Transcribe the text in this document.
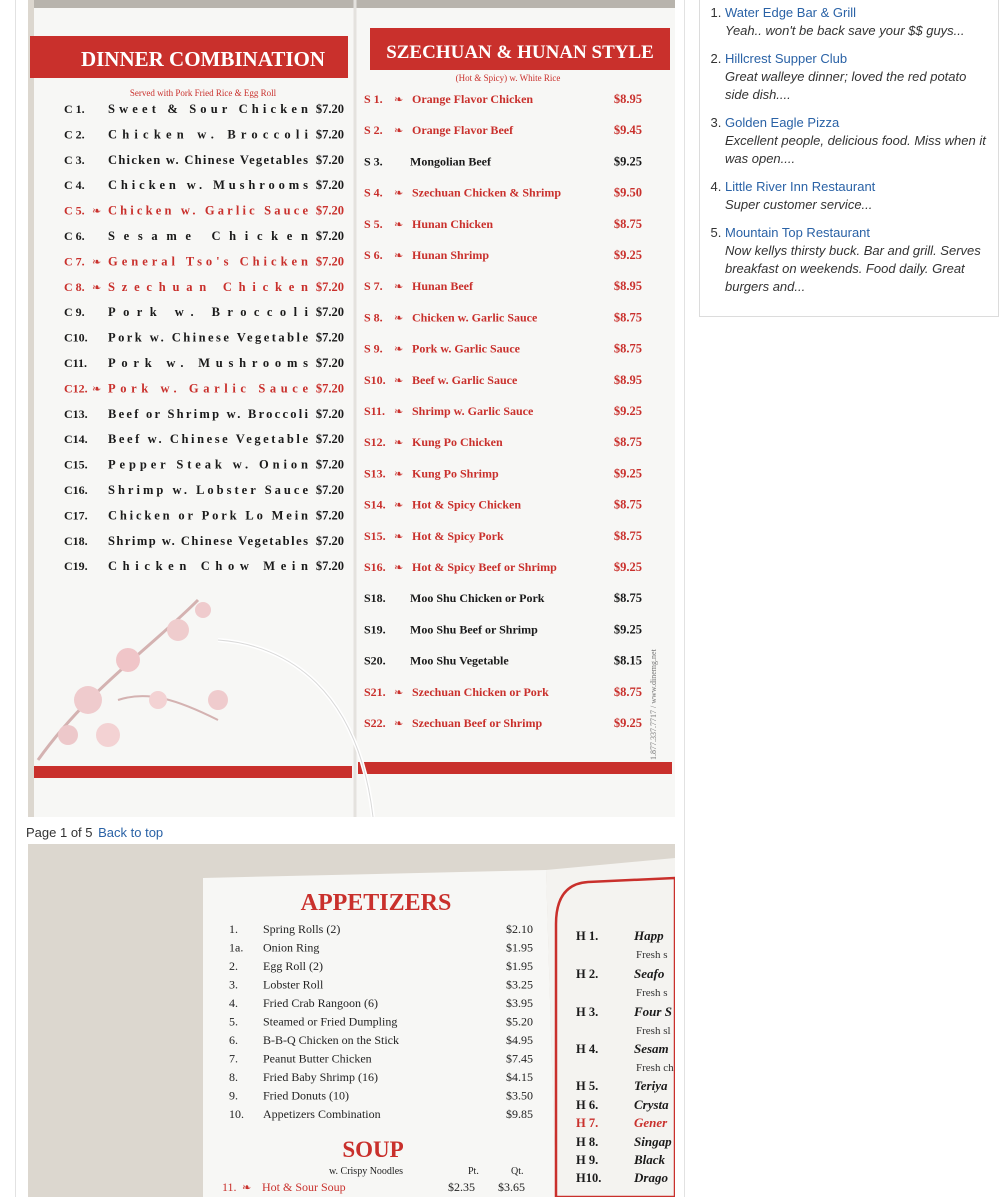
1.877.337.7717 / www.dinemg.net
DINNER COMBINATION
Served with Pork Fried Rice & Egg Roll
C 1. Sweet & Sour Chicken $7.20
C 2. Chicken w. Broccoli $7.20
C 3. Chicken w. Chinese Vegetables $7.20
C 4. Chicken w. Mushrooms $7.20
C 5. ❧ Chicken w. Garlic Sauce $7.20
C 6. Sesame Chicken $7.20
C 7. ❧ General Tso's Chicken $7.20
C 8. ❧ Szechuan Chicken $7.20
C 9. Pork w. Broccoli $7.20
C10. Pork w. Chinese Vegetable $7.20
C11. Pork w. Mushrooms $7.20
C12. ❧ Pork w. Garlic Sauce $7.20
C13. Beef or Shrimp w. Broccoli $7.20
C14. Beef w. Chinese Vegetable $7.20
C15. Pepper Steak w. Onion $7.20
C16. Shrimp w. Lobster Sauce $7.20
C17. Chicken or Pork Lo Mein $7.20
C18. Shrimp w. Chinese Vegetables $7.20
C19. Chicken Chow Mein $7.20
SZECHUAN & HUNAN STYLE
(Hot & Spicy) w. White Rice
S 1. ❧ Orange Flavor Chicken	$8.95
S 2. ❧ Orange Flavor Beef	$9.45
S 3. Mongolian Beef	$9.25
S 4. ❧ Szechuan Chicken & Shrimp	$9.50
S 5. ❧ Hunan Chicken	$8.75
S 6. ❧ Hunan Shrimp	$9.25
S 7. ❧ Hunan Beef	$8.95
S 8. ❧ Chicken w. Garlic Sauce	$8.75
S 9. ❧ Pork w. Garlic Sauce	$8.75
S10. ❧ Beef w. Garlic Sauce	$8.95
S11. ❧ Shrimp w. Garlic Sauce	$9.25
S12. ❧ Kung Po Chicken	$8.75
S13. ❧ Kung Po Shrimp	$9.25
S14. ❧ Hot & Spicy Chicken	$8.75
S15. ❧ Hot & Spicy Pork	$8.75
S16. ❧ Hot & Spicy Beef or Shrimp	$9.25
S18. Moo Shu Chicken or Pork	$8.75
S19. Moo Shu Beef or Shrimp	$9.25
S20. Moo Shu Vegetable	$8.15
S21. ❧ Szechuan Chicken or Pork	$8.75
S22. ❧ Szechuan Beef or Shrimp	$9.25
Page 1 of 5 Back to top
APPETIZERS
1. Spring Rolls (2)	$2.10
1a. Onion Ring	$1.95
2. Egg Roll (2)	$1.95
3. Lobster Roll	$3.25
4. Fried Crab Rangoon (6)	$3.95
5. Steamed or Fried Dumpling	$5.20
6. B-B-Q Chicken on the Stick	$4.95
7. Peanut Butter Chicken	$7.45
8. Fried Baby Shrimp (16)	$4.15
9. Fried Donuts (10)	$3.50
10. Appetizers Combination	$9.85
SOUP
w. Crispy Noodles	Pt.	Qt.
11. ❧ Hot & Sour Soup	$2.35 $3.65
H 1.	Happ
Fresh s
H 2.	Seafo
Fresh s
H 3.	Four S
Fresh sl
H 4.	Sesam
Fresh ch
H 5.	Teriya
H 6.	Crysta
H 7.	Gener
H 8.	Singap
H 9.	Black
H10.	Drago
1. Water Edge Bar & Grill
Yeah.. won't be back save your $$ guys...
2. Hillcrest Supper Club
Great walleye dinner; loved the red potato side dish....
3. Golden Eagle Pizza
Excellent people, delicious food. Miss when it was open....
4. Little River Inn Restaurant
Super customer service...
5. Mountain Top Restaurant
Now kellys thirsty buck. Bar and grill. Serves breakfast on weekends. Food daily. Great burgers and...
